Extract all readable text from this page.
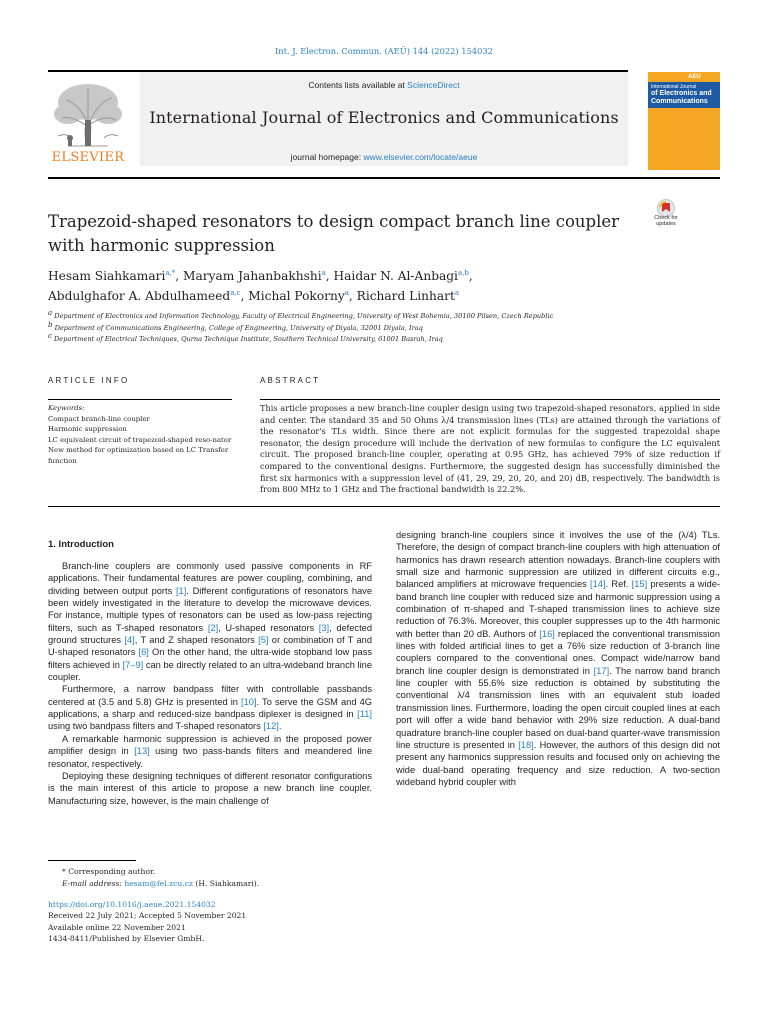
Int. J. Electron. Commun. (AEÜ) 144 (2022) 154032
ELSEVIER
Contents lists available at ScienceDirect
International Journal of Electronics and Communications
journal homepage: www.elsevier.com/locate/aeue
AEU
International Journal
of Electronics and Communications
Trapezoid-shaped resonators to design compact branch line coupler with harmonic suppression
Check for updates
Hesam Siahkamari$^{a,*}$, Maryam Jahanbakhshi$^a$, Haidar N. Al-Anbagi$^{a,b}$,
Abdulghafor A. Abdulhameed$^{a,c}$, Michal Pokorny$^a$, Richard Linhart$^a$
$^a$ Department of Electronics and Information Technology, Faculty of Electrical Engineering, University of West Bohemia, 30100 Pilsen, Czech Republic
$^b$ Department of Communications Engineering, College of Engineering, University of Diyala, 32001 Diyala, Iraq
$^c$ Department of Electrical Techniques, Qurna Technique Institute, Southern Technical University, 61001 Basrah, Iraq
ARTICLE INFO	ABSTRACT
Keywords:
Compact branch-line coupler
Harmonic suppression
LC equivalent circuit of trapezoid-shaped reso-nator
New method for optimization based on LC Transfer function
This article proposes a new branch-line coupler design using two trapezoid-shaped resonators, applied in side and center. The standard 35 and 50 Ohms λ/4 transmission lines (TLs) are attained through the variations of the resonator's TLs width. Since there are not explicit formulas for the suggested trapezoidal shape resonator, the design procedure will include the derivation of new formulas to configure the LC equivalent circuit. The proposed branch-line coupler, operating at 0.95 GHz, has achieved 79% of size reduction if compared to the conventional designs. Furthermore, the suggested design has successfully diminished the first six harmonics with a suppression level of (41, 29, 29, 20, 20, and 20) dB, respectively. The bandwidth is from 800 MHz to 1 GHz and The fractional bandwidth is 22.2%.
1. Introduction

Branch-line couplers are commonly used passive components in RF applications. Their fundamental features are power coupling, combining, and dividing between output ports [1]. Different configurations of resonators have been widely investigated in the literature to develop the microwave devices. For instance, multiple types of resonators can be used as low-pass rejecting filters, such as T-shaped resonators [2], U-shaped resonators [3], defected ground structures [4], T and Z shaped resonators [5] or combination of T and U-shaped resonators [6] On the other hand, the ultra-wide stopband low pass filters achieved in [7–9] can be directly related to an ultra-wideband branch line coupler.

Furthermore, a narrow bandpass filter with controllable passbands centered at (3.5 and 5.8) GHz is presented in [10]. To serve the GSM and 4G applications, a sharp and reduced-size bandpass diplexer is designed in [11] using two bandpass filters and T-shaped resonators [12].

A remarkable harmonic suppression is achieved in the proposed power amplifier design in [13] using two pass-bands filters and meandered line resonator, respectively.

Deploying these designing techniques of different resonator configurations is the main interest of this article to propose a new branch line coupler. Manufacturing size, however, is the main challenge of

designing branch-line couplers since it involves the use of the (λ/4) TLs. Therefore, the design of compact branch-line couplers with high attenuation of harmonics has drawn research attention nowadays. Branch-line couplers with small size and harmonic suppression are utilized in different circuits e.g., balanced amplifiers at microwave frequencies [14]. Ref. [15] presents a wide-band branch line coupler with reduced size and harmonic suppression using a combination of π-shaped and T-shaped transmission lines to achieve size reduction of 76.3%. Moreover, this coupler suppresses up to the 4th harmonic with better than 20 dB. Authors of [16] replaced the conventional transmission lines with folded artificial lines to get a 76% size reduction of 3-branch line couplers compared to the conventional ones. Compact wide/narrow band branch line coupler design is demonstrated in [17]. The narrow band branch line coupler with 55.6% size reduction is obtained by substituting the conventional λ/4 transmission lines with an equivalent stub loaded transmission lines. Furthermore, loading the open circuit coupled lines at each port will offer a wide band behavior with 29% size reduction. A dual-band quadrature branch-line coupler based on dual-band quarter-wave transmission line structure is presented in [18]. However, the authors of this design did not present any harmonics suppression results and focused only on achieving the wide dual-band operating frequency and size reduction. A two-section wideband hybrid coupler with

* Corresponding author.
E-mail address: hesam@fel.zcu.cz (H. Siahkamari).
https://doi.org/10.1016/j.aeue.2021.154032
Received 22 July 2021; Accepted 5 November 2021
Available online 22 November 2021
1434-8411/Published by Elsevier GmbH.
